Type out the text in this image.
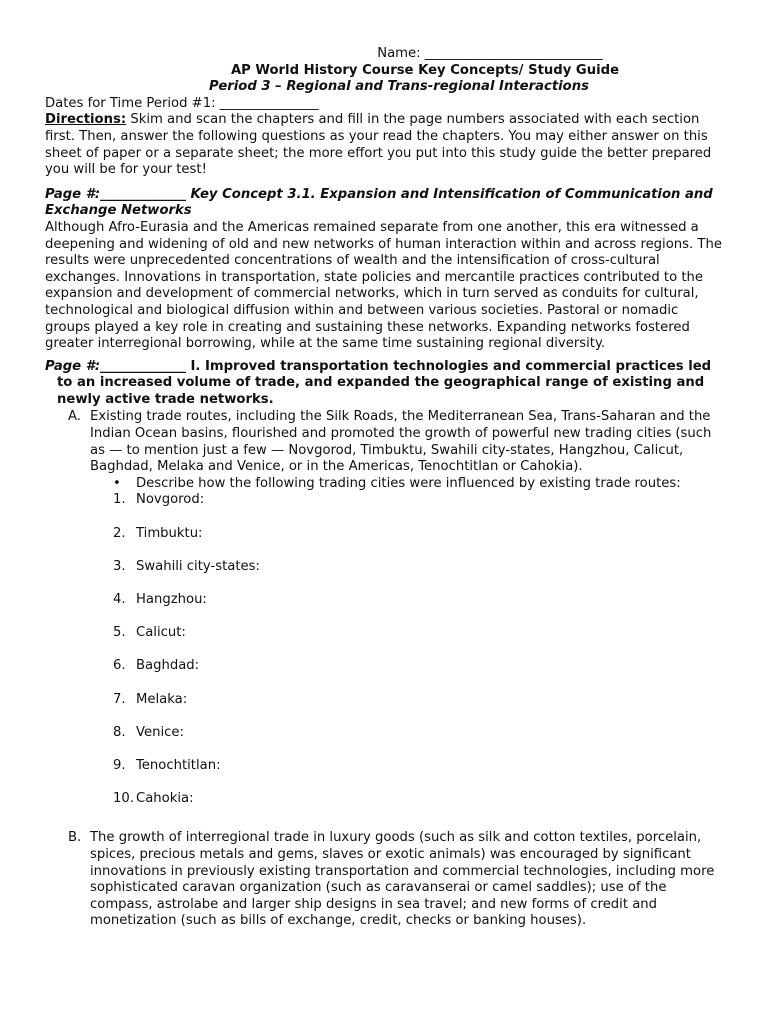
Name: ___________________________
AP World History Course Key Concepts/ Study Guide
Period 3 – Regional and Trans-regional Interactions
Dates for Time Period #1: _______________

Directions: Skim and scan the chapters and fill in the page numbers associated with each section first. Then, answer the following questions as your read the chapters. You may either answer on this sheet of paper or a separate sheet; the more effort you put into this study guide the better prepared you will be for your test!

Page #:_____________ Key Concept 3.1. Expansion and Intensification of Communication and Exchange Networks

Although Afro-Eurasia and the Americas remained separate from one another, this era witnessed a deepening and widening of old and new networks of human interaction within and across regions. The results were unprecedented concentrations of wealth and the intensification of cross-cultural exchanges. Innovations in transportation, state policies and mercantile practices contributed to the expansion and development of commercial networks, which in turn served as conduits for cultural, technological and biological diffusion within and between various societies. Pastoral or nomadic groups played a key role in creating and sustaining these networks. Expanding networks fostered greater interregional borrowing, while at the same time sustaining regional diversity.

Page #:_____________ I. Improved transportation technologies and commercial practices led to an increased volume of trade, and expanded the geographical range of existing and newly active trade networks.

A. Existing trade routes, including the Silk Roads, the Mediterranean Sea, Trans-Saharan and the Indian Ocean basins, flourished and promoted the growth of powerful new trading cities (such as — to mention just a few — Novgorod, Timbuktu, Swahili city-states, Hangzhou, Calicut, Baghdad, Melaka and Venice, or in the Americas, Tenochtitlan or Cahokia).
• Describe how the following trading cities were influenced by existing trade routes:
1. Novgorod:
2. Timbuktu:
3. Swahili city-states:
4. Hangzhou:
5. Calicut:
6. Baghdad:
7. Melaka:
8. Venice:
9. Tenochtitlan:
10. Cahokia:
B. The growth of interregional trade in luxury goods (such as silk and cotton textiles, porcelain, spices, precious metals and gems, slaves or exotic animals) was encouraged by significant innovations in previously existing transportation and commercial technologies, including more sophisticated caravan organization (such as caravanserai or camel saddles); use of the compass, astrolabe and larger ship designs in sea travel; and new forms of credit and monetization (such as bills of exchange, credit, checks or banking houses).
